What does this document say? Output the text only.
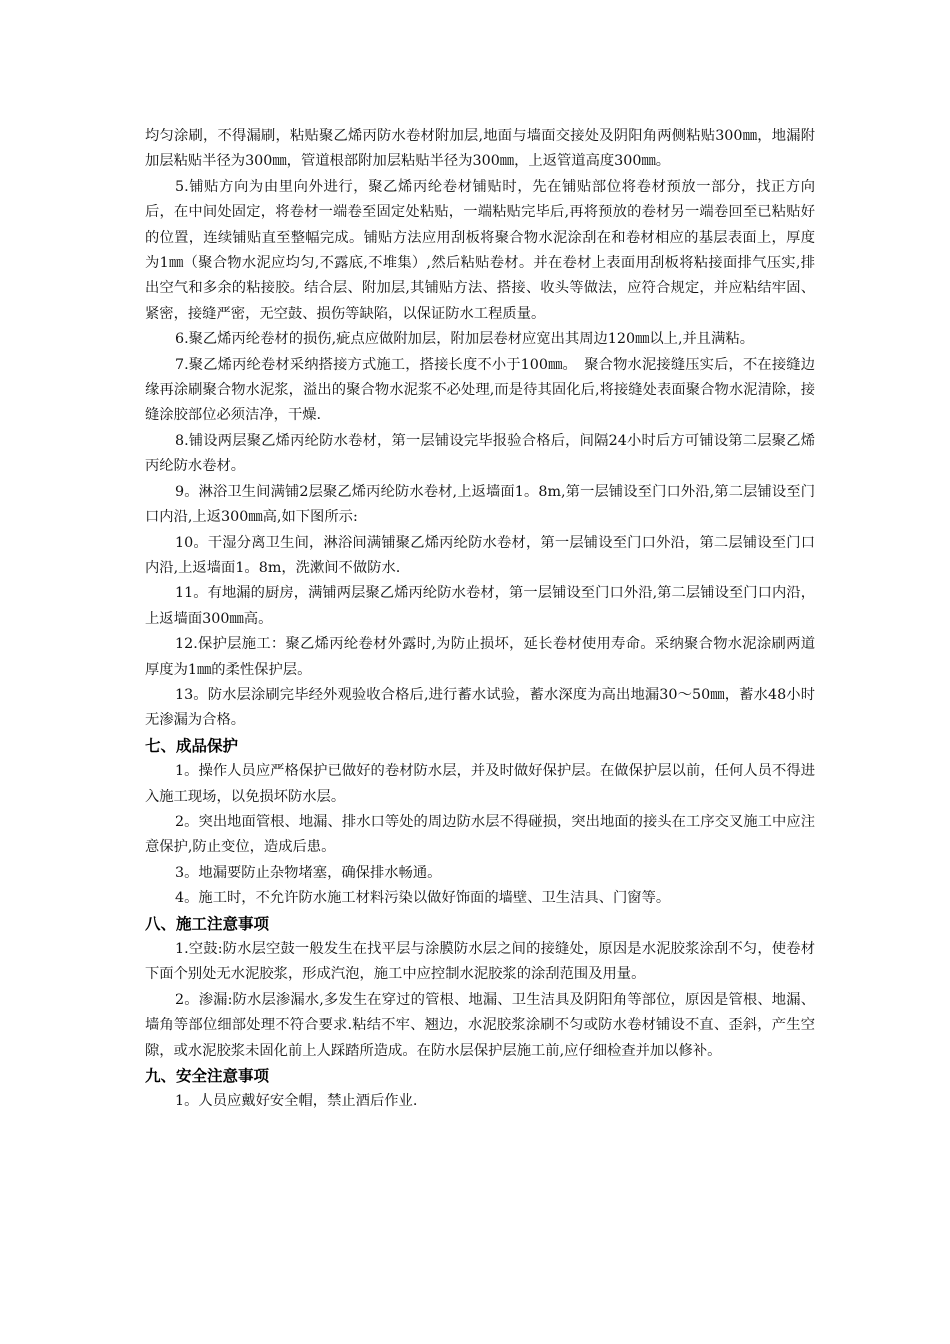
均匀涂刷，不得漏刷，粘贴聚乙烯丙防水卷材附加层,地面与墙面交接处及阴阳角两侧粘贴300㎜，地漏附加层粘贴半径为300㎜，管道根部附加层粘贴半径为300㎜，上返管道高度300㎜。

5.铺贴方向为由里向外进行，聚乙烯丙纶卷材铺贴时，先在铺贴部位将卷材预放一部分，找正方向后，在中间处固定，将卷材一端卷至固定处粘贴，一端粘贴完毕后,再将预放的卷材另一端卷回至已粘贴好的位置，连续铺贴直至整幅完成。铺贴方法应用刮板将聚合物水泥涂刮在和卷材相应的基层表面上，厚度为1㎜（聚合物水泥应均匀,不露底,不堆集）,然后粘贴卷材。并在卷材上表面用刮板将粘接面排气压实,排出空气和多余的粘接胶。结合层、附加层,其铺贴方法、搭接、收头等做法，应符合规定，并应粘结牢固、紧密，接缝严密，无空鼓、损伤等缺陷，以保证防水工程质量。

6.聚乙烯丙纶卷材的损伤,疵点应做附加层，附加层卷材应宽出其周边120㎜以上,并且满粘。

7.聚乙烯丙纶卷材采纳搭接方式施工，搭接长度不小于100㎜。　聚合物水泥接缝压实后，不在接缝边缘再涂刷聚合物水泥浆，溢出的聚合物水泥浆不必处理,而是待其固化后,将接缝处表面聚合物水泥清除，接缝涂胶部位必须洁净，干燥.

8.铺设两层聚乙烯丙纶防水卷材，第一层铺设完毕报验合格后，间隔24小时后方可铺设第二层聚乙烯丙纶防水卷材。

9。淋浴卫生间满铺2层聚乙烯丙纶防水卷材,上返墙面1。8m,第一层铺设至门口外沿,第二层铺设至门口内沿,上返300㎜高,如下图所示:

10。干湿分离卫生间，淋浴间满铺聚乙烯丙纶防水卷材，第一层铺设至门口外沿，第二层铺设至门口内沿,上返墙面1。8m，洗漱间不做防水.

11。有地漏的厨房，满铺两层聚乙烯丙纶防水卷材，第一层铺设至门口外沿,第二层铺设至门口内沿，上返墙面300㎜高。

12.保护层施工：聚乙烯丙纶卷材外露时,为防止损坏，延长卷材使用寿命。采纳聚合物水泥涂刷两道厚度为1㎜的柔性保护层。

13。防水层涂刷完毕经外观验收合格后,进行蓄水试验，蓄水深度为高出地漏30～50㎜，蓄水48小时无渗漏为合格。

七、成品保护

1。操作人员应严格保护已做好的卷材防水层，并及时做好保护层。在做保护层以前，任何人员不得进入施工现场，以免损坏防水层。

2。突出地面管根、地漏、排水口等处的周边防水层不得碰损，突出地面的接头在工序交叉施工中应注意保护,防止变位，造成后患。

3。地漏要防止杂物堵塞，确保排水畅通。

4。施工时，不允许防水施工材料污染以做好饰面的墙壁、卫生洁具、门窗等。

八、施工注意事项

1.空鼓:防水层空鼓一般发生在找平层与涂膜防水层之间的接缝处，原因是水泥胶浆涂刮不匀，使卷材下面个别处无水泥胶浆，形成汽泡，施工中应控制水泥胶浆的涂刮范围及用量。

2。渗漏:防水层渗漏水,多发生在穿过的管根、地漏、卫生洁具及阴阳角等部位，原因是管根、地漏、墙角等部位细部处理不符合要求.粘结不牢、翘边，水泥胶浆涂刷不匀或防水卷材铺设不直、歪斜，产生空隙，或水泥胶浆未固化前上人踩踏所造成。在防水层保护层施工前,应仔细检查并加以修补。

九、安全注意事项

1。人员应戴好安全帽，禁止酒后作业.
